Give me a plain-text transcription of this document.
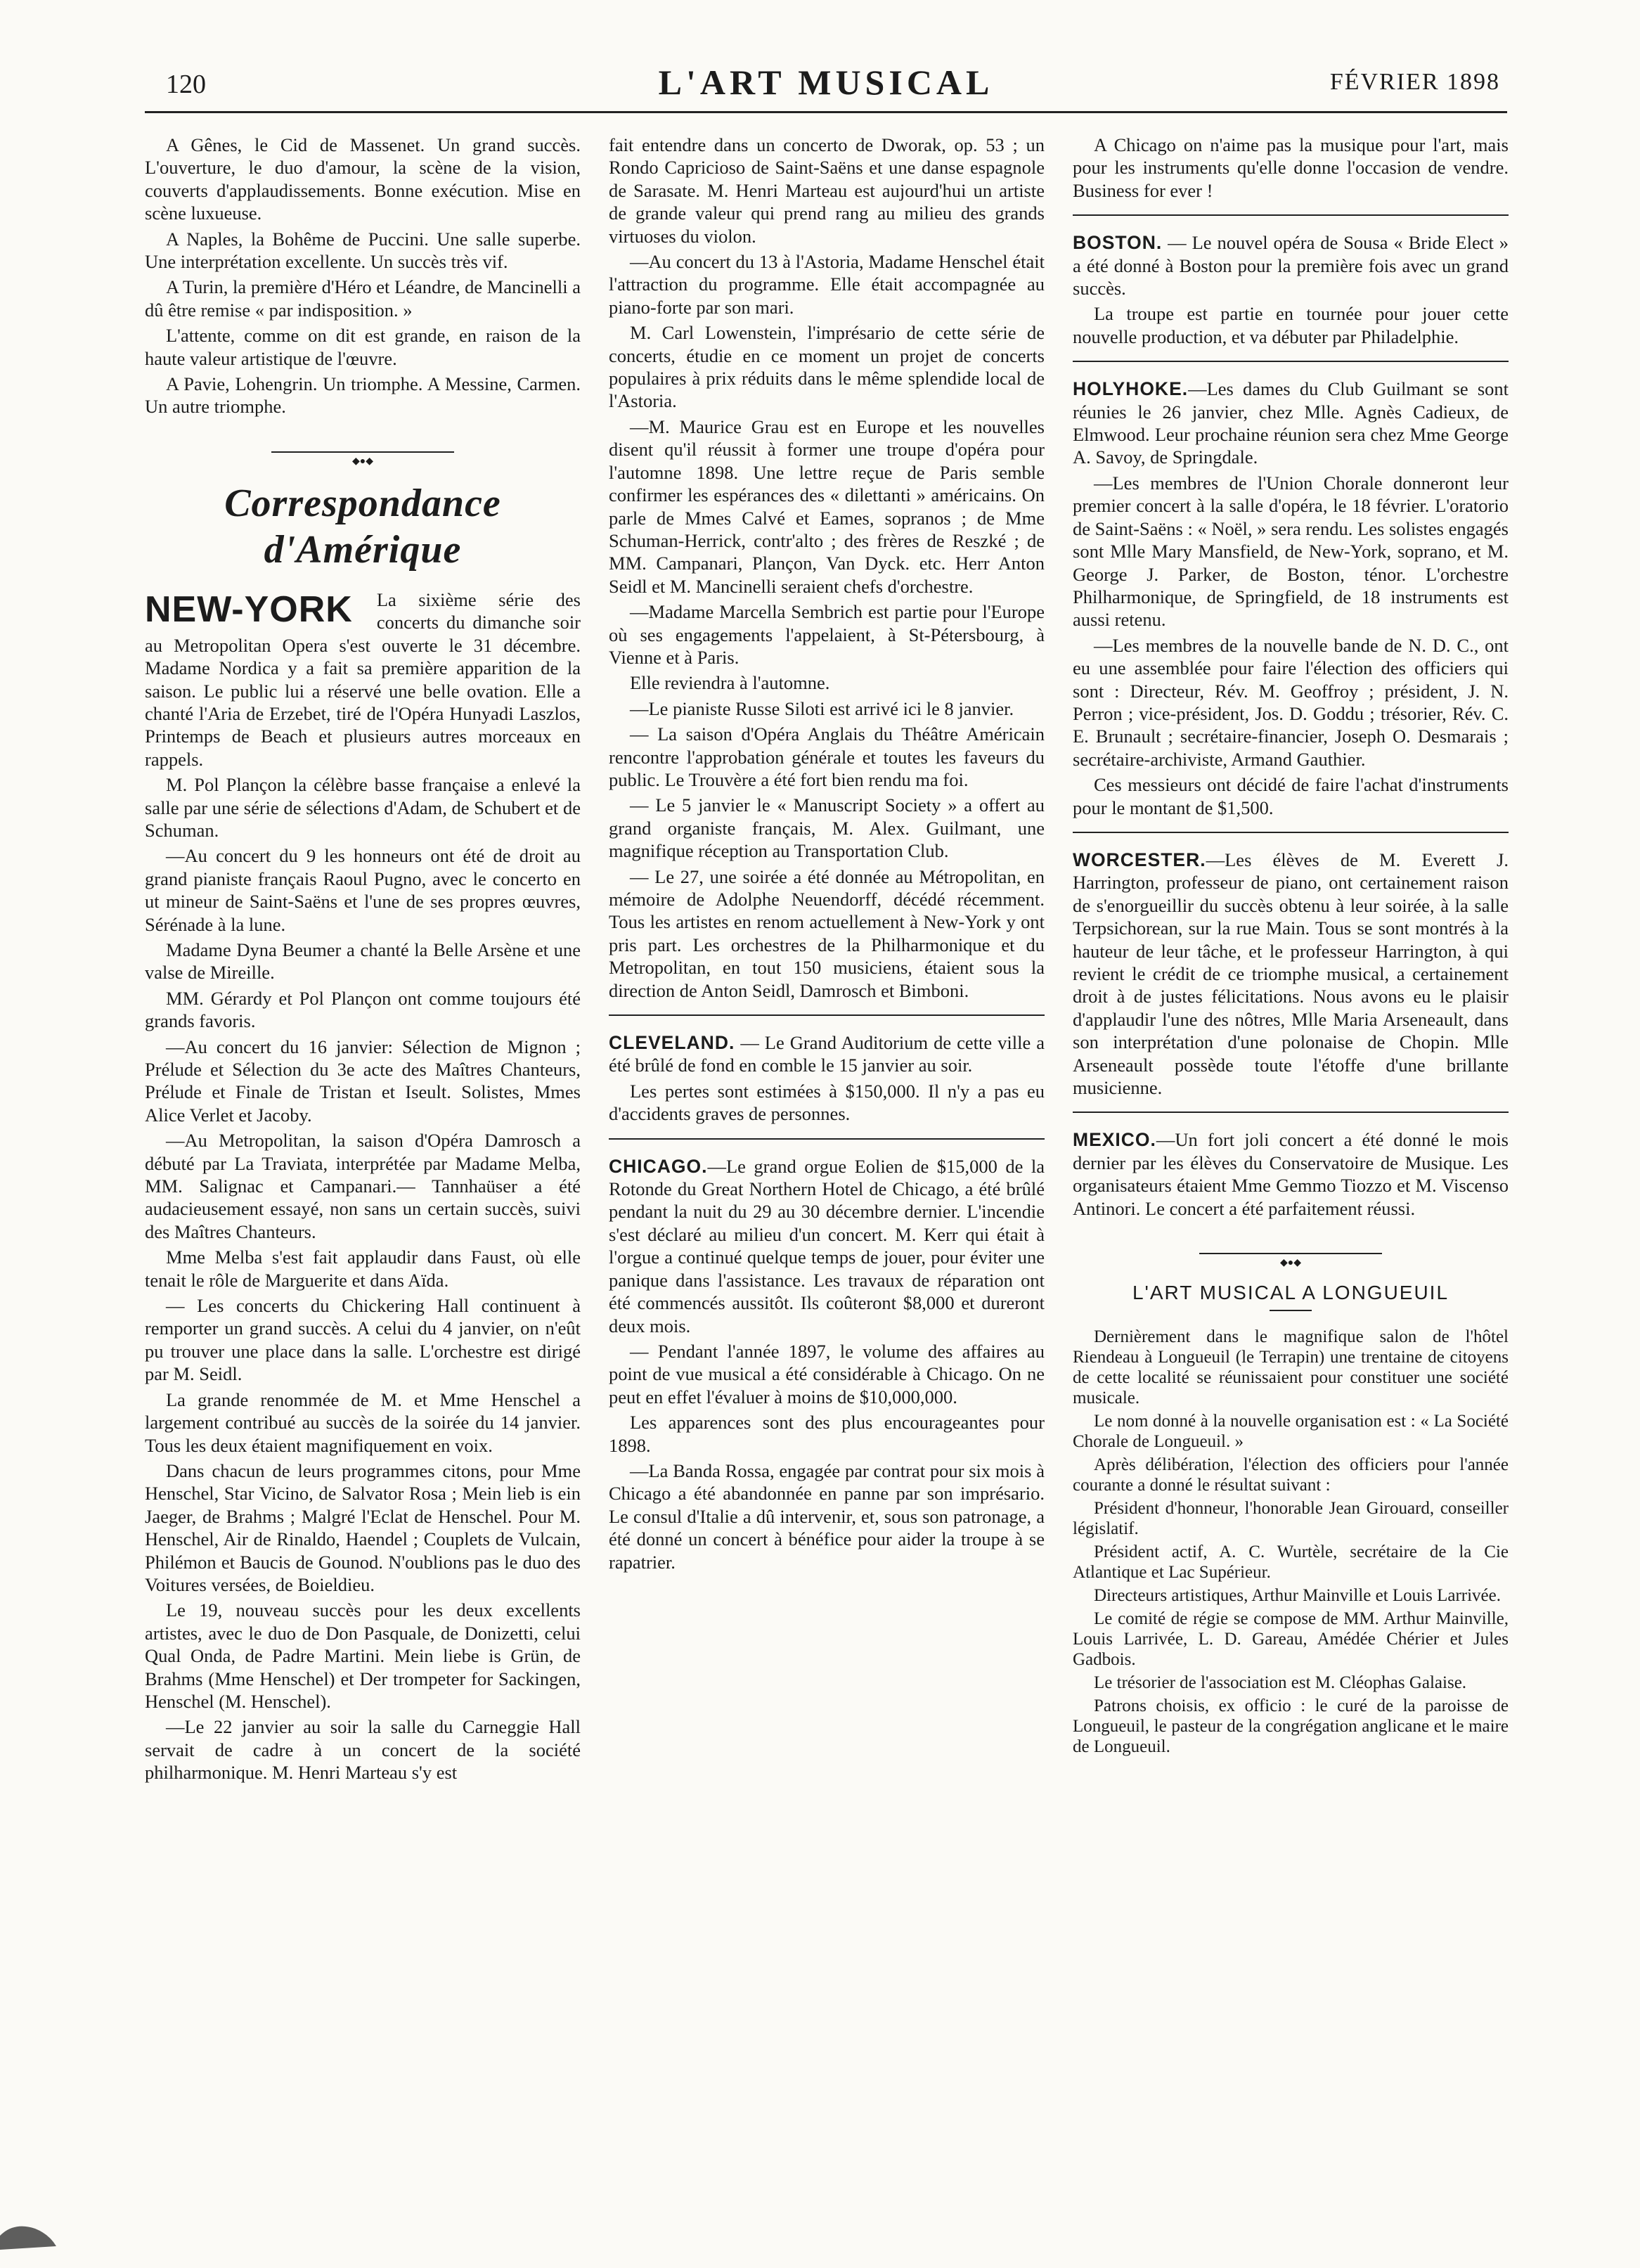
120	L'ART MUSICAL	FÉVRIER 1898

A Gênes, le Cid de Massenet. Un grand succès. L'ouverture, le duo d'amour, la scène de la vision, couverts d'applaudissements. Bonne exécution. Mise en scène luxueuse.

A Naples, la Bohême de Puccini. Une salle superbe. Une interprétation excellente. Un succès très vif.

A Turin, la première d'Héro et Léandre, de Mancinelli a dû être remise « par indisposition. »

L'attente, comme on dit est grande, en raison de la haute valeur artistique de l'œuvre.

A Pavie, Lohengrin. Un triomphe. A Messine, Carmen. Un autre triomphe.

◆●◆
Correspondance d'Amérique

NEW-YORK La sixième série des concerts du dimanche soir au Metropolitan Opera s'est ouverte le 31 décembre. Madame Nordica y a fait sa première apparition de la saison. Le public lui a réservé une belle ovation. Elle a chanté l'Aria de Erzebet, tiré de l'Opéra Hunyadi Laszlos, Printemps de Beach et plusieurs autres morceaux en rappels.

M. Pol Plançon la célèbre basse française a enlevé la salle par une série de sélections d'Adam, de Schubert et de Schuman.

—Au concert du 9 les honneurs ont été de droit au grand pianiste français Raoul Pugno, avec le concerto en ut mineur de Saint-Saëns et l'une de ses propres œuvres, Sérénade à la lune.

Madame Dyna Beumer a chanté la Belle Arsène et une valse de Mireille.

MM. Gérardy et Pol Plançon ont comme toujours été grands favoris.

—Au concert du 16 janvier: Sélection de Mignon ; Prélude et Sélection du 3e acte des Maîtres Chanteurs, Prélude et Finale de Tristan et Iseult. Solistes, Mmes Alice Verlet et Jacoby.

—Au Metropolitan, la saison d'Opéra Damrosch a débuté par La Traviata, interprétée par Madame Melba, MM. Salignac et Campanari.— Tannhaüser a été audacieusement essayé, non sans un certain succès, suivi des Maîtres Chanteurs.

Mme Melba s'est fait applaudir dans Faust, où elle tenait le rôle de Marguerite et dans Aïda.

— Les concerts du Chickering Hall continuent à remporter un grand succès. A celui du 4 janvier, on n'eût pu trouver une place dans la salle. L'orchestre est dirigé par M. Seidl.

La grande renommée de M. et Mme Henschel a largement contribué au succès de la soirée du 14 janvier. Tous les deux étaient magnifiquement en voix.

Dans chacun de leurs programmes citons, pour Mme Henschel, Star Vicino, de Salvator Rosa ; Mein lieb is ein Jaeger, de Brahms ; Malgré l'Eclat de Henschel. Pour M. Henschel, Air de Rinaldo, Haendel ; Couplets de Vulcain, Philémon et Baucis de Gounod. N'oublions pas le duo des Voitures versées, de Boieldieu.

Le 19, nouveau succès pour les deux excellents artistes, avec le duo de Don Pasquale, de Donizetti, celui Qual Onda, de Padre Martini. Mein liebe is Grün, de Brahms (Mme Henschel) et Der trompeter for Sackingen, Henschel (M. Henschel).

—Le 22 janvier au soir la salle du Carneggie Hall servait de cadre à un concert de la société philharmonique. M. Henri Marteau s'y est

fait entendre dans un concerto de Dworak, op. 53 ; un Rondo Capricioso de Saint-Saëns et une danse espagnole de Sarasate. M. Henri Marteau est aujourd'hui un artiste de grande valeur qui prend rang au milieu des grands virtuoses du violon.

—Au concert du 13 à l'Astoria, Madame Henschel était l'attraction du programme. Elle était accompagnée au piano-forte par son mari.

M. Carl Lowenstein, l'imprésario de cette série de concerts, étudie en ce moment un projet de concerts populaires à prix réduits dans le même splendide local de l'Astoria.

—M. Maurice Grau est en Europe et les nouvelles disent qu'il réussit à former une troupe d'opéra pour l'automne 1898. Une lettre reçue de Paris semble confirmer les espérances des « dilettanti » américains. On parle de Mmes Calvé et Eames, sopranos ; de Mme Schuman-Herrick, contr'alto ; des frères de Reszké ; de MM. Campanari, Plançon, Van Dyck. etc. Herr Anton Seidl et M. Mancinelli seraient chefs d'orchestre.

—Madame Marcella Sembrich est partie pour l'Europe où ses engagements l'appelaient, à St-Pétersbourg, à Vienne et à Paris.

Elle reviendra à l'automne.

—Le pianiste Russe Siloti est arrivé ici le 8 janvier.

— La saison d'Opéra Anglais du Théâtre Américain rencontre l'approbation générale et toutes les faveurs du public. Le Trouvère a été fort bien rendu ma foi.

— Le 5 janvier le « Manuscript Society » a offert au grand organiste français, M. Alex. Guilmant, une magnifique réception au Transportation Club.

— Le 27, une soirée a été donnée au Métropolitan, en mémoire de Adolphe Neuendorff, décédé récemment. Tous les artistes en renom actuellement à New-York y ont pris part. Les orchestres de la Philharmonique et du Metropolitan, en tout 150 musiciens, étaient sous la direction de Anton Seidl, Damrosch et Bimboni.

CLEVELAND. — Le Grand Auditorium de cette ville a été brûlé de fond en comble le 15 janvier au soir.

Les pertes sont estimées à $150,000. Il n'y a pas eu d'accidents graves de personnes.

CHICAGO.—Le grand orgue Eolien de $15,000 de la Rotonde du Great Northern Hotel de Chicago, a été brûlé pendant la nuit du 29 au 30 décembre dernier. L'incendie s'est déclaré au milieu d'un concert. M. Kerr qui était à l'orgue a continué quelque temps de jouer, pour éviter une panique dans l'assistance. Les travaux de réparation ont été commencés aussitôt. Ils coûteront $8,000 et dureront deux mois.

— Pendant l'année 1897, le volume des affaires au point de vue musical a été considérable à Chicago. On ne peut en effet l'évaluer à moins de $10,000,000.

Les apparences sont des plus encourageantes pour 1898.

—La Banda Rossa, engagée par contrat pour six mois à Chicago a été abandonnée en panne par son imprésario. Le consul d'Italie a dû intervenir, et, sous son patronage, a été donné un concert à bénéfice pour aider la troupe à se rapatrier.

A Chicago on n'aime pas la musique pour l'art, mais pour les instruments qu'elle donne l'occasion de vendre. Business for ever !

BOSTON. — Le nouvel opéra de Sousa « Bride Elect » a été donné à Boston pour la première fois avec un grand succès.

La troupe est partie en tournée pour jouer cette nouvelle production, et va débuter par Philadelphie.

HOLYHOKE.—Les dames du Club Guilmant se sont réunies le 26 janvier, chez Mlle. Agnès Cadieux, de Elmwood. Leur prochaine réunion sera chez Mme George A. Savoy, de Springdale.

—Les membres de l'Union Chorale donneront leur premier concert à la salle d'opéra, le 18 février. L'oratorio de Saint-Saëns : « Noël, » sera rendu. Les solistes engagés sont Mlle Mary Mansfield, de New-York, soprano, et M. George J. Parker, de Boston, ténor. L'orchestre Philharmonique, de Springfield, de 18 instruments est aussi retenu.

—Les membres de la nouvelle bande de N. D. C., ont eu une assemblée pour faire l'élection des officiers qui sont : Directeur, Rév. M. Geoffroy ; président, J. N. Perron ; vice-président, Jos. D. Goddu ; trésorier, Rév. C. E. Brunault ; secrétaire-financier, Joseph O. Desmarais ; secrétaire-archiviste, Armand Gauthier.

Ces messieurs ont décidé de faire l'achat d'instruments pour le montant de $1,500.

WORCESTER.—Les élèves de M. Everett J. Harrington, professeur de piano, ont certainement raison de s'enorgueillir du succès obtenu à leur soirée, à la salle Terpsichorean, sur la rue Main. Tous se sont montrés à la hauteur de leur tâche, et le professeur Harrington, à qui revient le crédit de ce triomphe musical, a certainement droit à de justes félicitations. Nous avons eu le plaisir d'applaudir l'une des nôtres, Mlle Maria Arseneault, dans son interprétation d'une polonaise de Chopin. Mlle Arseneault possède toute l'étoffe d'une brillante musicienne.

MEXICO.—Un fort joli concert a été donné le mois dernier par les élèves du Conservatoire de Musique. Les organisateurs étaient Mme Gemmo Tiozzo et M. Viscenso Antinori. Le concert a été parfaitement réussi.

◆●◆
L'ART MUSICAL A LONGUEUIL

Dernièrement dans le magnifique salon de l'hôtel Riendeau à Longueuil (le Terrapin) une trentaine de citoyens de cette localité se réunissaient pour constituer une société musicale.

Le nom donné à la nouvelle organisation est : « La Société Chorale de Longueuil. »

Après délibération, l'élection des officiers pour l'année courante a donné le résultat suivant :

Président d'honneur, l'honorable Jean Girouard, conseiller législatif.

Président actif, A. C. Wurtèle, secrétaire de la Cie Atlantique et Lac Supérieur.

Directeurs artistiques, Arthur Mainville et Louis Larrivée.

Le comité de régie se compose de MM. Arthur Mainville, Louis Larrivée, L. D. Gareau, Amédée Chérier et Jules Gadbois.

Le trésorier de l'association est M. Cléophas Galaise.

Patrons choisis, ex officio : le curé de la paroisse de Longueuil, le pasteur de la congrégation anglicane et le maire de Longueuil.
